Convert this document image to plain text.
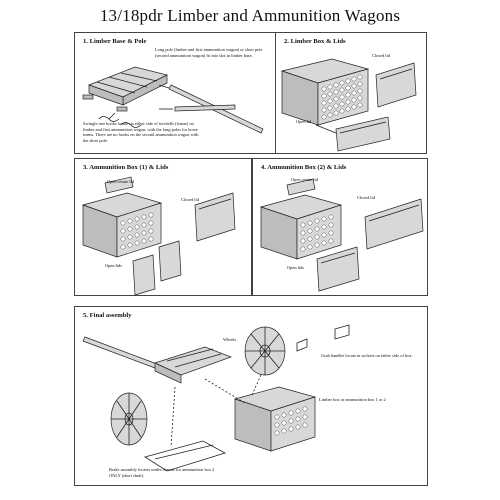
13/18pdr Limber and Ammunition Wagons
1. Limber Base & Pole
Long pole (limber and first ammunition wagon) or short pole (second ammunition wagon) fit into slot in limber base.
Swingle tree hooks locate on either side of futchells (frame) on limber and first ammunition wagon, with the long poles for horse teams. There are no hooks on the second ammunition wagon with the short pole.
2. Limber Box & Lids
Closed lid
Open lid
3. Ammunition Box (1) & Lids
Open centre lid
Closed lid
Open lids
4. Ammunition Box (2) & Lids
Open centre lid
Closed lid
Open lids
5. Final assembly
Wheels
Grab handles locate in sockets on either side of box.
Limber box or ammunition box 1 or 2
Brake assembly locates under chassis for ammunition box 2 ONLY (short shaft).
